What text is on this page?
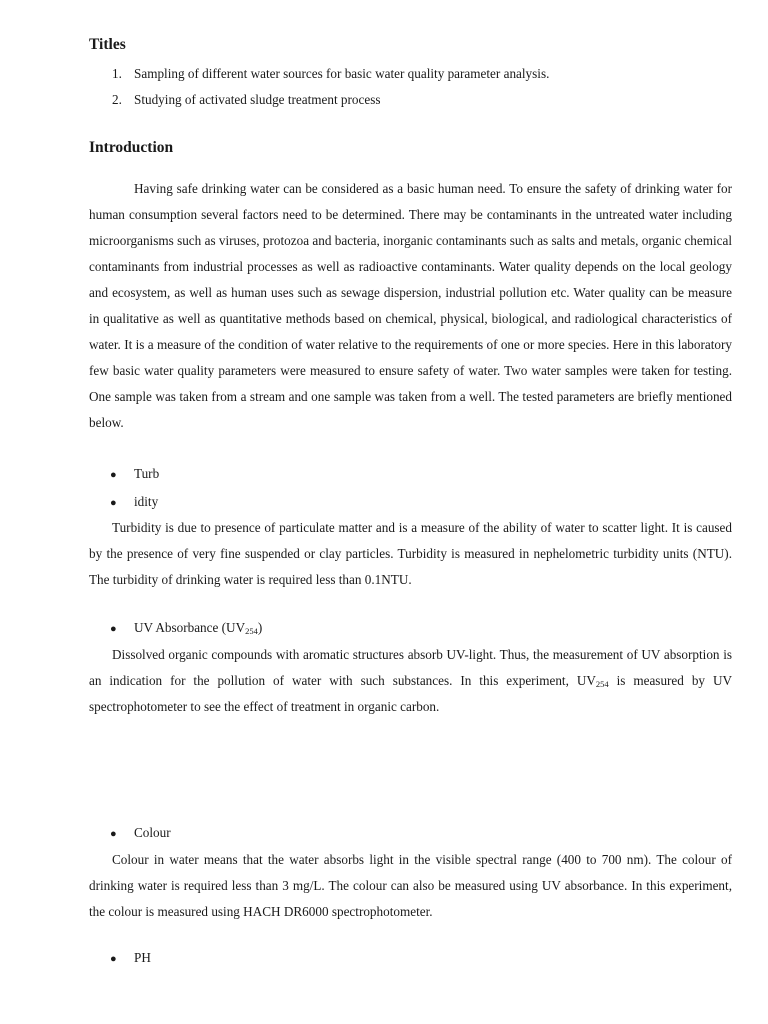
Titles
1. Sampling of different water sources for basic water quality parameter analysis.
2. Studying of activated sludge treatment process
Introduction

Having safe drinking water can be considered as a basic human need. To ensure the safety of drinking water for human consumption several factors need to be determined. There may be contaminants in the untreated water including microorganisms such as viruses, protozoa and bacteria, inorganic contaminants such as salts and metals, organic chemical contaminants from industrial processes as well as radioactive contaminants. Water quality depends on the local geology and ecosystem, as well as human uses such as sewage dispersion, industrial pollution etc. Water quality can be measure in qualitative as well as quantitative methods based on chemical, physical, biological, and radiological characteristics of water. It is a measure of the condition of water relative to the requirements of one or more species. Here in this laboratory few basic water quality parameters were measured to ensure safety of water. Two water samples were taken for testing. One sample was taken from a stream and one sample was taken from a well. The tested parameters are briefly mentioned below.

● Turb
● idity

Turbidity is due to presence of particulate matter and is a measure of the ability of water to scatter light. It is caused by the presence of very fine suspended or clay particles. Turbidity is measured in nephelometric turbidity units (NTU). The turbidity of drinking water is required less than 0.1NTU.

● UV Absorbance $(UV_{254})$

Dissolved organic compounds with aromatic structures absorb UV-light. Thus, the measurement of UV absorption is an indication for the pollution of water with such substances. In this experiment, $UV_{254}$ is measured by UV spectrophotometer to see the effect of treatment in organic carbon.

● Colour

Colour in water means that the water absorbs light in the visible spectral range (400 to 700 nm). The colour of drinking water is required less than 3 mg/L. The colour can also be measured using UV absorbance. In this experiment, the colour is measured using HACH DR6000 spectrophotometer.

● PH
